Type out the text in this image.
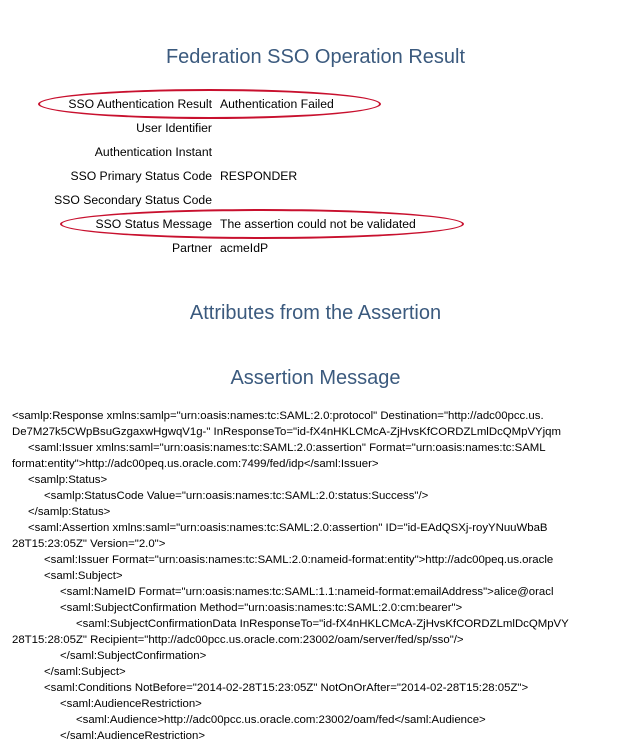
Federation SSO Operation Result
SSO Authentication Result Authentication Failed
User Identifier
Authentication Instant
SSO Primary Status Code RESPONDER
SSO Secondary Status Code
SSO Status Message The assertion could not be validated
Partner acmeIdP
Attributes from the Assertion
Assertion Message
<samlp:Response xmlns:samlp="urn:oasis:names:tc:SAML:2.0:protocol" Destination="http://adc00pcc.us.
De7M27k5CWpBsuGzgaxwHgwqV1g-" InResponseTo="id-fX4nHKLCMcA-ZjHvsKfCORDZLmlDcQMpVYjqm
<saml:Issuer xmlns:saml="urn:oasis:names:tc:SAML:2.0:assertion" Format="urn:oasis:names:tc:SAML
format:entity">http://adc00peq.us.oracle.com:7499/fed/idp</saml:Issuer>
<samlp:Status>
<samlp:StatusCode Value="urn:oasis:names:tc:SAML:2.0:status:Success"/>
</samlp:Status>
<saml:Assertion xmlns:saml="urn:oasis:names:tc:SAML:2.0:assertion" ID="id-EAdQSXj-royYNuuWbaB
28T15:23:05Z" Version="2.0">
<saml:Issuer Format="urn:oasis:names:tc:SAML:2.0:nameid-format:entity">http://adc00peq.us.oracle
<saml:Subject>
<saml:NameID Format="urn:oasis:names:tc:SAML:1.1:nameid-format:emailAddress">alice@oracl
<saml:SubjectConfirmation Method="urn:oasis:names:tc:SAML:2.0:cm:bearer">
<saml:SubjectConfirmationData InResponseTo="id-fX4nHKLCMcA-ZjHvsKfCORDZLmlDcQMpVY
28T15:28:05Z" Recipient="http://adc00pcc.us.oracle.com:23002/oam/server/fed/sp/sso"/>
</saml:SubjectConfirmation>
</saml:Subject>
<saml:Conditions NotBefore="2014-02-28T15:23:05Z" NotOnOrAfter="2014-02-28T15:28:05Z">
<saml:AudienceRestriction>
<saml:Audience>http://adc00pcc.us.oracle.com:23002/oam/fed</saml:Audience>
</saml:AudienceRestriction>
